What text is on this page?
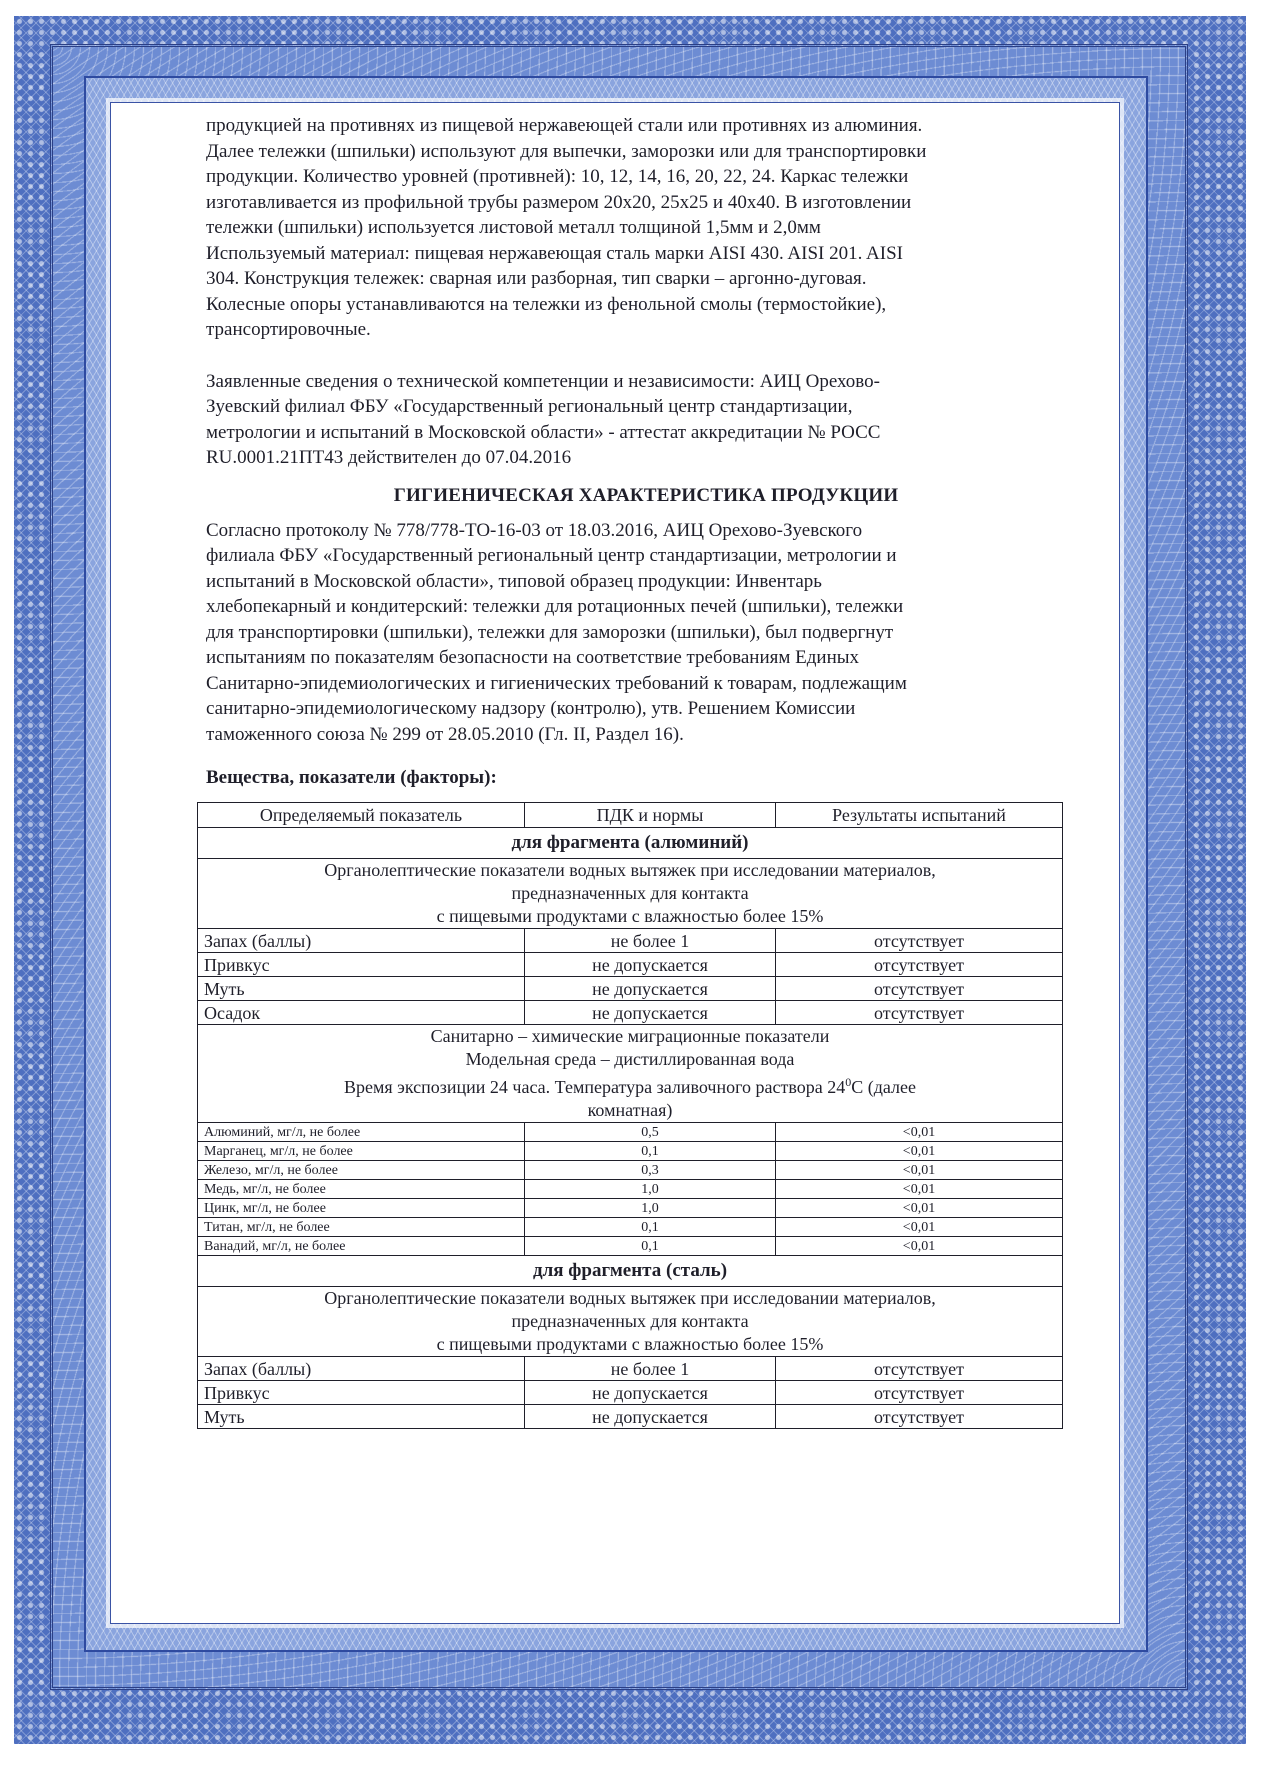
продукцией на противнях из пищевой нержавеющей стали или противнях из алюминия.

Далее тележки (шпильки) используют для выпечки, заморозки или для транспортировки

продукции. Количество уровней (противней): 10, 12, 14, 16, 20, 22, 24. Каркас тележки

изготавливается из профильной трубы размером 20х20, 25х25 и 40х40. В изготовлении

тележки (шпильки) используется листовой металл толщиной 1,5мм и 2,0мм

Используемый материал: пищевая нержавеющая сталь марки AISI 430. AISI 201. AISI

304. Конструкция тележек: сварная или разборная, тип сварки – аргонно-дуговая.

Колесные опоры устанавливаются на тележки из фенольной смолы (термостойкие),

трансортировочные.

Заявленные сведения о технической компетенции и независимости: АИЦ Орехово-

Зуевский филиал ФБУ «Государственный региональный центр стандартизации,

метрологии и испытаний в Московской области» - аттестат аккредитации № РОСС

RU.0001.21ПТ43 действителен до 07.04.2016

ГИГИЕНИЧЕСКАЯ ХАРАКТЕРИСТИКА ПРОДУКЦИИ

Согласно протоколу № 778/778-ТО-16-03 от 18.03.2016, АИЦ Орехово-Зуевского

филиала ФБУ «Государственный региональный центр стандартизации, метрологии и

испытаний в Московской области», типовой образец продукции: Инвентарь

хлебопекарный и кондитерский: тележки для ротационных печей (шпильки), тележки

для транспортировки (шпильки), тележки для заморозки (шпильки), был подвергнут

испытаниям по показателям безопасности на соответствие требованиям Единых

Санитарно-эпидемиологических и гигиенических требований к товарам, подлежащим

санитарно-эпидемиологическому надзору (контролю), утв. Решением Комиссии

таможенного союза № 299 от 28.05.2010 (Гл. II, Раздел 16).

Вещества, показатели (факторы):

Определяемый показатель	ПДК и нормы	Результаты испытаний
для фрагмента (алюминий)		

Органолептические показатели водных вытяжек при исследовании материалов,
предназначенных для контакта
с пищевыми продуктами с влажностью более 15%		

Запах (баллы)	не более 1	отсутствует
Привкус	не допускается	отсутствует
Муть	не допускается	отсутствует
Осадок	не допускается	отсутствует

Санитарно – химические миграционные показатели
Модельная среда – дистиллированная вода
Время экспозиции 24 часа. Температура заливочного раствора $24^0С$ (далее
комнатная)		

Алюминий, мг/л, не более	0,5	<0,01
Марганец, мг/л, не более	0,1	<0,01
Железо, мг/л, не более	0,3	<0,01
Медь, мг/л, не более	1,0	<0,01
Цинк, мг/л, не более	1,0	<0,01
Титан, мг/л, не более	0,1	<0,01
Ванадий, мг/л, не более	0,1	<0,01
для фрагмента (сталь)		

Органолептические показатели водных вытяжек при исследовании материалов,
предназначенных для контакта
с пищевыми продуктами с влажностью более 15%		

Запах (баллы)	не более 1	отсутствует
Привкус	не допускается	отсутствует
Муть	не допускается	отсутствует
